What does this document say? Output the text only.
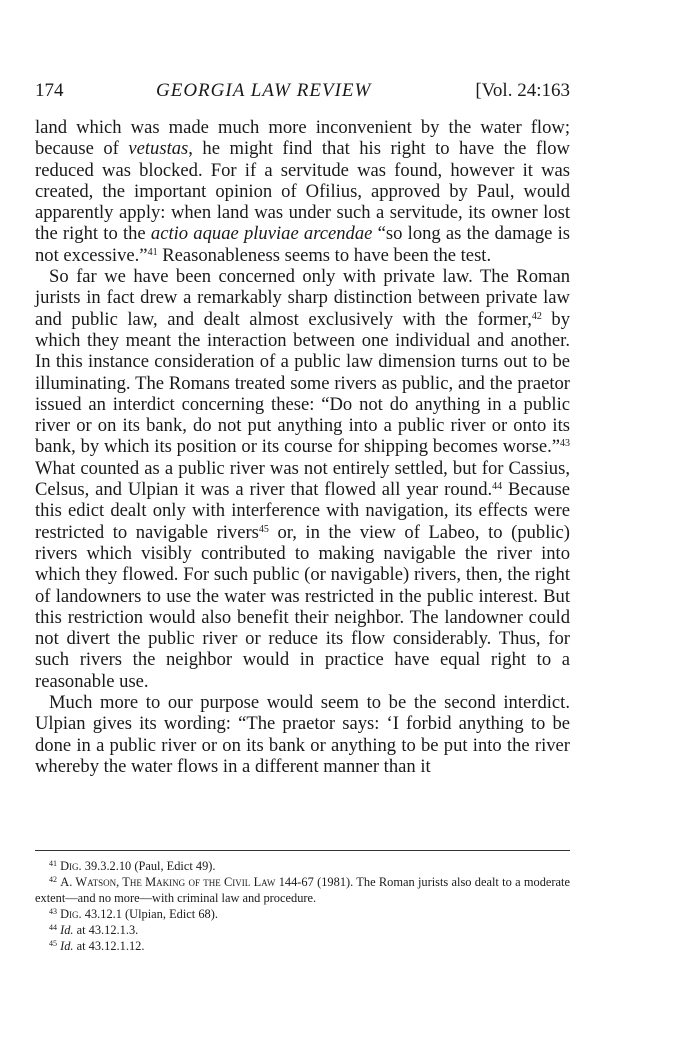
174	GEORGIA LAW REVIEW	[Vol. 24:163

land which was made much more inconvenient by the water flow; because of vetustas, he might find that his right to have the flow reduced was blocked. For if a servitude was found, however it was created, the important opinion of Ofilius, approved by Paul, would apparently apply: when land was under such a servitude, its owner lost the right to the actio aquae pluviae arcendae “so long as the damage is not excessive.”$^{41}$ Reasonableness seems to have been the test.

So far we have been concerned only with private law. The Roman jurists in fact drew a remarkably sharp distinction between private law and public law, and dealt almost exclusively with the former,$^{42}$ by which they meant the interaction between one individual and another. In this instance consideration of a public law dimension turns out to be illuminating. The Romans treated some rivers as public, and the praetor issued an interdict concerning these: “Do not do anything in a public river or on its bank, do not put anything into a public river or onto its bank, by which its position or its course for shipping becomes worse.”$^{43}$ What counted as a public river was not entirely settled, but for Cassius, Celsus, and Ulpian it was a river that flowed all year round.$^{44}$ Because this edict dealt only with interference with navigation, its effects were restricted to navigable rivers$^{45}$ or, in the view of Labeo, to (public) rivers which visibly contributed to making navigable the river into which they flowed. For such public (or navigable) rivers, then, the right of landowners to use the water was restricted in the public interest. But this restriction would also benefit their neighbor. The landowner could not divert the public river or reduce its flow considerably. Thus, for such rivers the neighbor would in practice have equal right to a reasonable use.

Much more to our purpose would seem to be the second interdict. Ulpian gives its wording: “The praetor says: ‘I forbid anything to be done in a public river or on its bank or anything to be put into the river whereby the water flows in a different manner than it

$^{41}$ Dig. 39.3.2.10 (Paul, Edict 49).

$^{42}$ A. Watson, The Making of the Civil Law 144-67 (1981). The Roman jurists also dealt to a moderate extent—and no more—with criminal law and procedure.

$^{43}$ Dig. 43.12.1 (Ulpian, Edict 68).

$^{44}$ Id. at 43.12.1.3.

$^{45}$ Id. at 43.12.1.12.
